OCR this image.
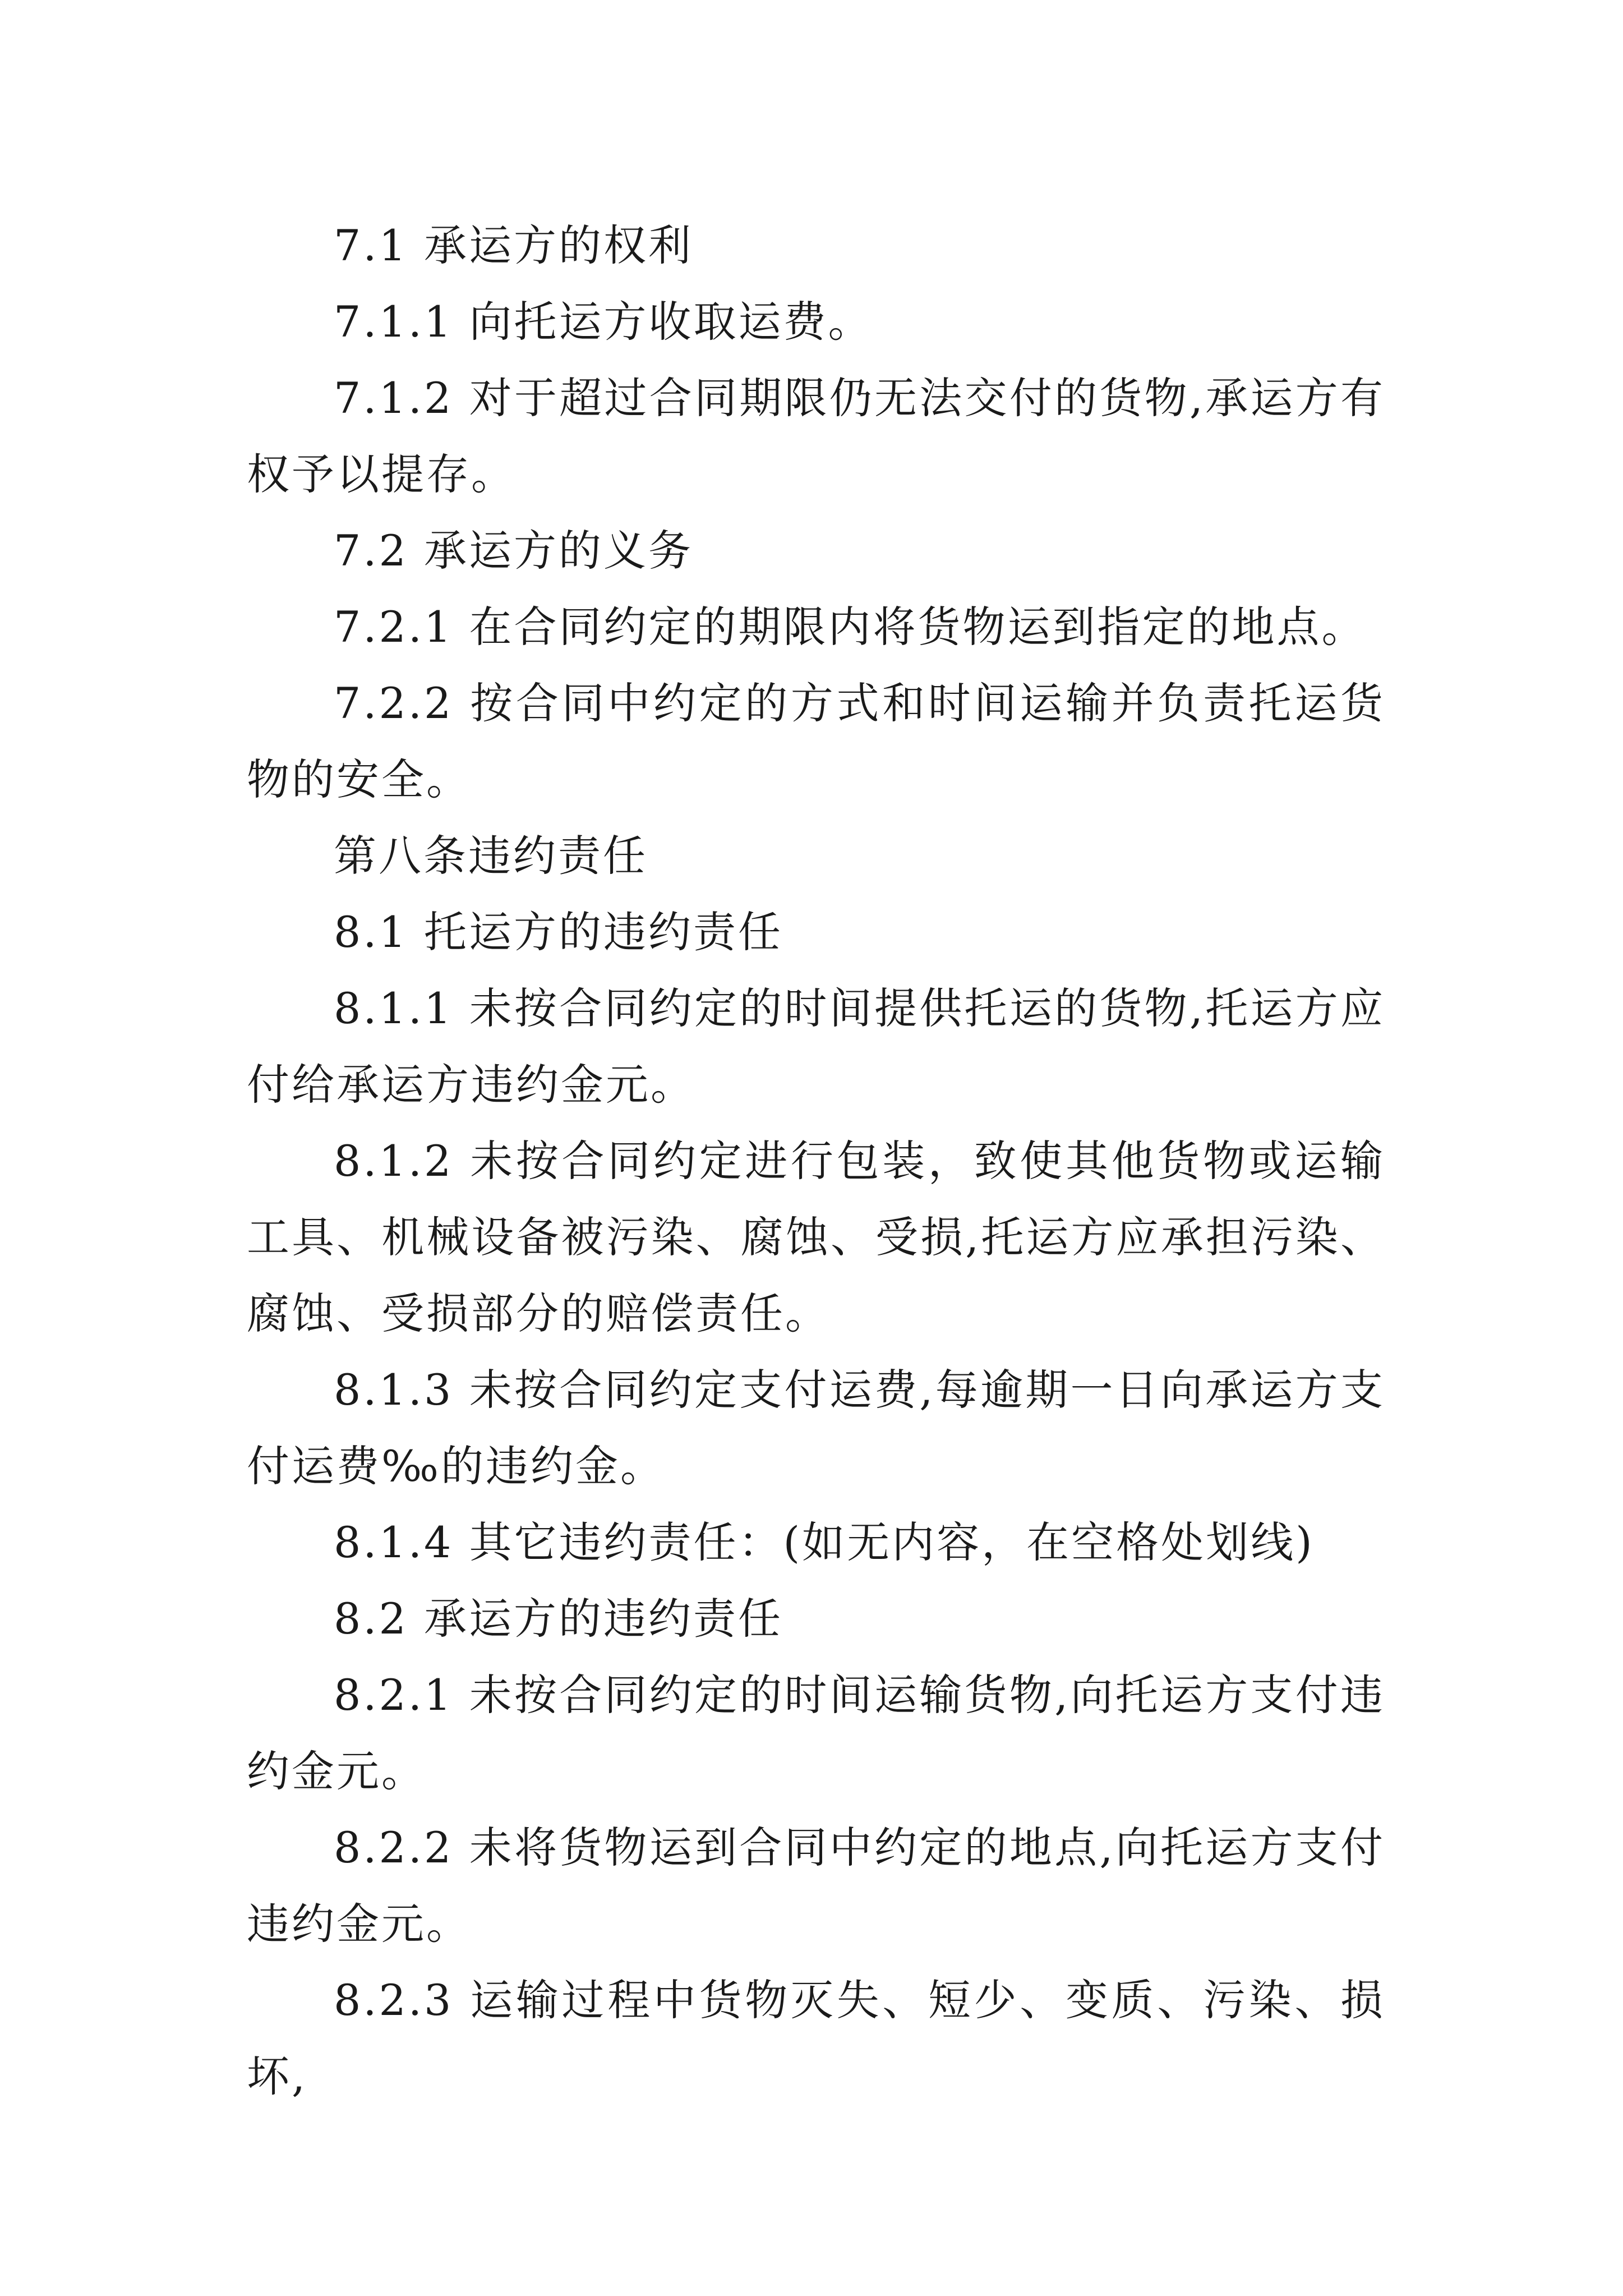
7.1 承运方的权利

7.1.1 向托运方收取运费。

7.1.2 对于超过合同期限仍无法交付的货物,承运方有权予以提存。

7.2 承运方的义务

7.2.1 在合同约定的期限内将货物运到指定的地点。

7.2.2 按合同中约定的方式和时间运输并负责托运货物的安全。

第八条违约责任

8.1 托运方的违约责任

8.1.1 未按合同约定的时间提供托运的货物,托运方应付给承运方违约金元。

8.1.2 未按合同约定进行包装，致使其他货物或运输工具、机械设备被污染、腐蚀、受损,托运方应承担污染、腐蚀、受损部分的赔偿责任。

8.1.3 未按合同约定支付运费,每逾期一日向承运方支付运费‰的违约金。

8.1.4 其它违约责任：(如无内容，在空格处划线)

8.2 承运方的违约责任

8.2.1 未按合同约定的时间运输货物,向托运方支付违约金元。

8.2.2 未将货物运到合同中约定的地点,向托运方支付违约金元。

8.2.3 运输过程中货物灭失、短少、变质、污染、损坏,
